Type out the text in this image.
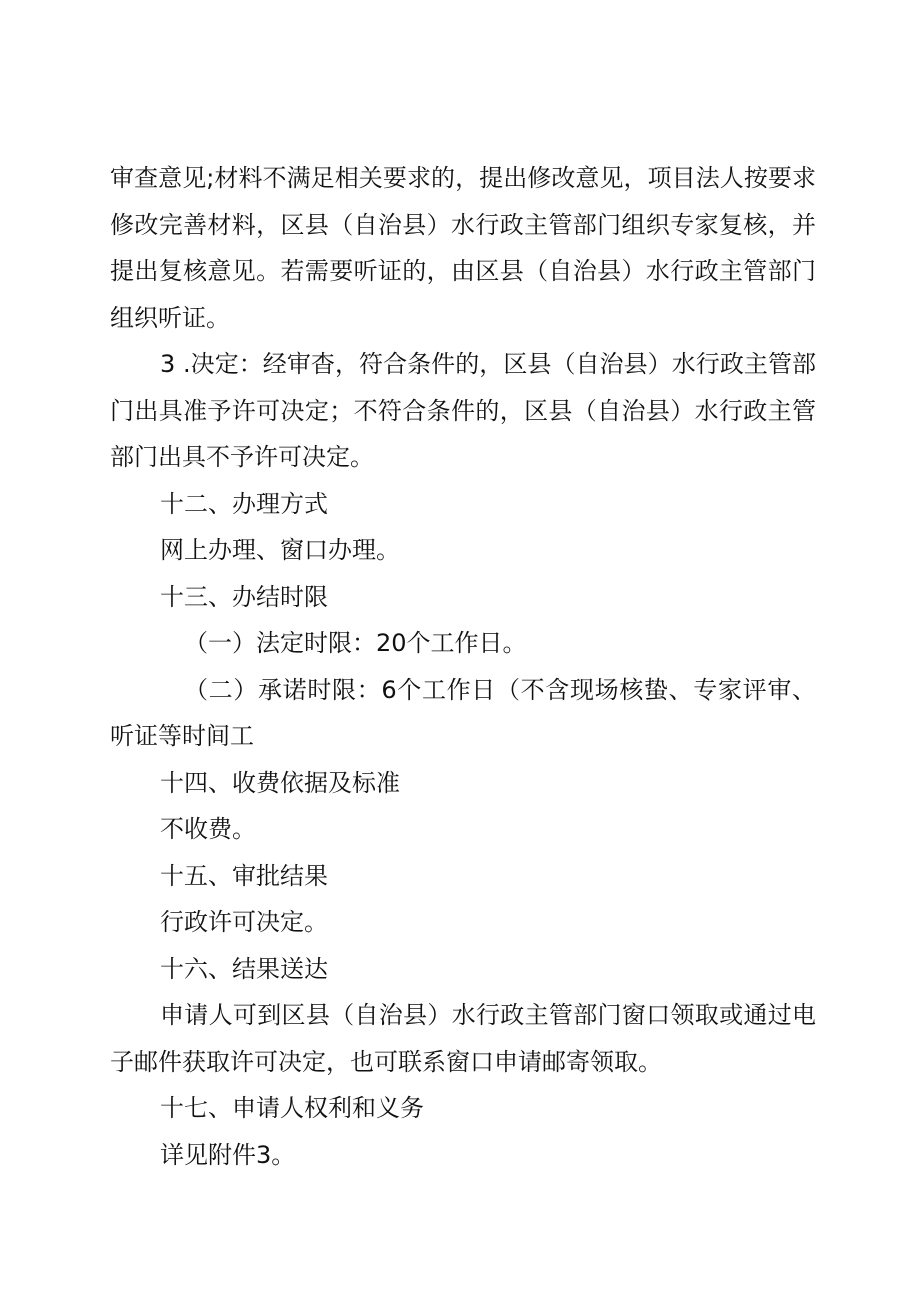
审查意见;材料不满足相关要求的，提出修改意见，项目法人按要求修改完善材料，区县（自治县）水行政主管部门组织专家复核，并提出复核意见。若需要听证的，由区县（自治县）水行政主管部门组织听证。

3 .决定：经审杳，符合条件的，区县（自治县）水行政主管部门出具准予许可决定；不符合条件的，区县（自治县）水行政主管部门出具不予许可决定。

十二、办理方式

网上办理、窗口办理。

十三、办结时限

（一）法定时限：20个工作日。

（二）承诺时限：6个工作日（不含现场核蛰、专家评审、听证等时间工

十四、收费依据及标准

不收费。

十五、审批结果

行政许可决定。

十六、结果送达

申请人可到区县（自治县）水行政主管部门窗口领取或通过电子邮件获取许可决定，也可联系窗口申请邮寄领取。

十七、申请人权利和义务

详见附件3。
